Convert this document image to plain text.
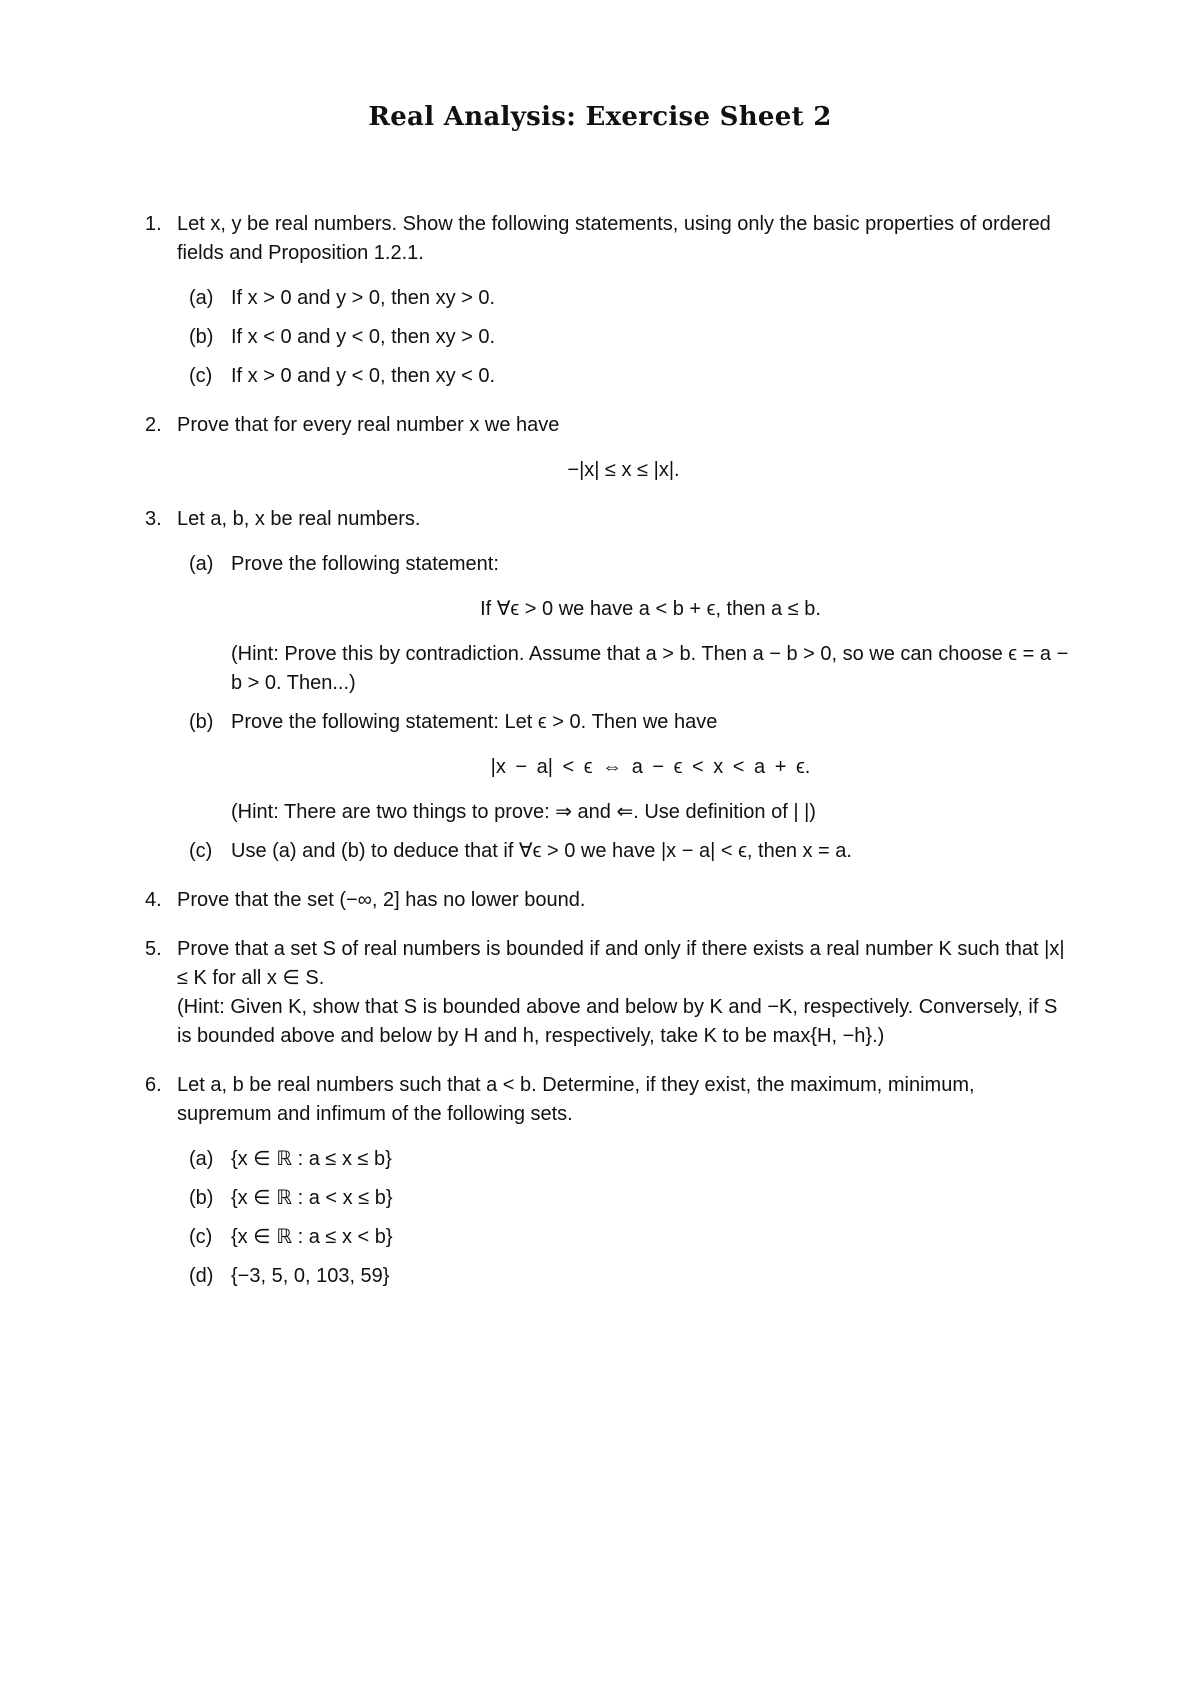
Real Analysis: Exercise Sheet 2
1. Let x, y be real numbers. Show the following statements, using only the basic properties of ordered fields and Proposition 1.2.1.

(a) If x > 0 and y > 0, then xy > 0.

(b) If x < 0 and y < 0, then xy > 0.

(c) If x > 0 and y < 0, then xy < 0.

2. Prove that for every real number x we have

−|x| ≤ x ≤ |x|.

3. Let a, b, x be real numbers.

(a) Prove the following statement:

If ∀ϵ > 0 we have a < b + ϵ, then a ≤ b.

(Hint: Prove this by contradiction. Assume that a > b. Then a − b > 0, so we can choose ϵ = a − b > 0. Then...)

(b) Prove the following statement: Let ϵ > 0. Then we have

|x − a| < ϵ ⇔ a − ϵ < x < a + ϵ.

(Hint: There are two things to prove: ⇒ and ⇐. Use definition of | |)

(c) Use (a) and (b) to deduce that if ∀ϵ > 0 we have |x − a| < ϵ, then x = a.

4. Prove that the set (−∞, 2] has no lower bound.

5. Prove that a set S of real numbers is bounded if and only if there exists a real number K such that |x| ≤ K for all x ∈ S.

(Hint: Given K, show that S is bounded above and below by K and −K, respectively. Conversely, if S is bounded above and below by H and h, respectively, take K to be max{H, −h}.)

6. Let a, b be real numbers such that a < b. Determine, if they exist, the maximum, minimum, supremum and infimum of the following sets.

(a) {x ∈ ℝ : a ≤ x ≤ b}

(b) {x ∈ ℝ : a < x ≤ b}

(c) {x ∈ ℝ : a ≤ x < b}

(d) {−3, 5, 0, 103, 59}
